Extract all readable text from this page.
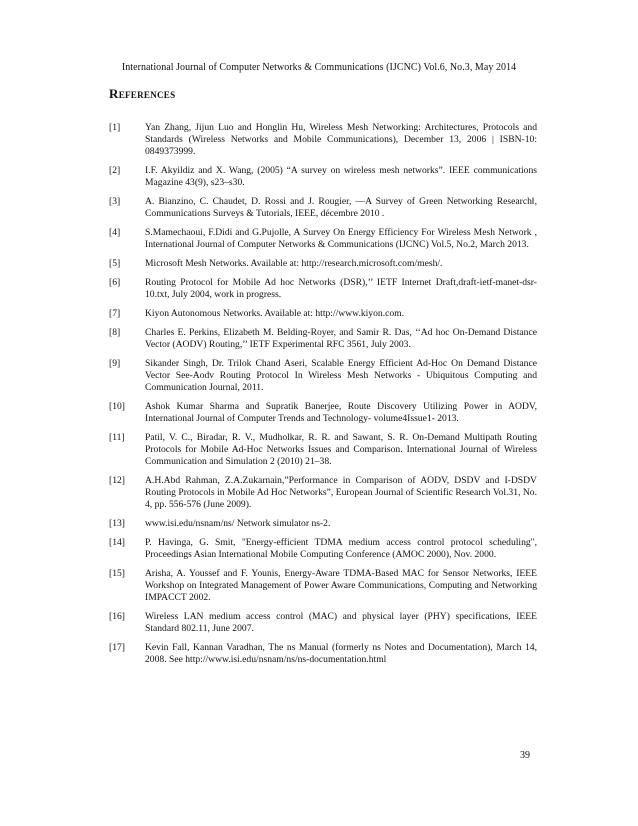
International Journal of Computer Networks & Communications (IJCNC) Vol.6, No.3, May 2014
References
[1]	Yan Zhang, Jijun Luo and Honglin Hu, Wireless Mesh Networking: Architectures, Protocols and Standards (Wireless Networks and Mobile Communications), December 13, 2006 | ISBN-10: 0849373999.
[2]	I.F. Akyildiz and X. Wang, (2005) “A survey on wireless mesh networks”. IEEE communications Magazine 43(9), s23–s30.
[3]	A. Bianzino, C. Chaudet, D. Rossi and J. Rougier, ―A Survey of Green Networking Research‖, Communications Surveys & Tutorials, IEEE, décembre 2010 .
[4]	S.Mamechaoui, F.Didi and G.Pujolle, A Survey On Energy Efficiency For Wireless Mesh Network , International Journal of Computer Networks & Communications (IJCNC) Vol.5, No.2, March 2013.
[5]	Microsoft Mesh Networks. Available at: http://research.microsoft.com/mesh/.
[6]	Routing Protocol for Mobile Ad hoc Networks (DSR),’’ IETF Internet Draft,draft-ietf-manet-dsr-10.txt, July 2004, work in progress.
[7]	Kiyon Autonomous Networks. Available at: http://www.kiyon.com.
[8]	Charles E. Perkins, Elizabeth M. Belding-Royer, and Samir R. Das, ‘‘Ad hoc On-Demand Distance Vector (AODV) Routing,’’ IETF Experimental RFC 3561, July 2003.
[9]	Sikander Singh, Dr. Trilok Chand Aseri, Scalable Energy Efficient Ad-Hoc On Demand Distance Vector See-Aodv Routing Protocol In Wireless Mesh Networks - Ubiquitous Computing and Communication Journal, 2011.
[10] Ashok Kumar Sharma and Supratik Banerjee, Route Discovery Utilizing Power in AODV, International Journal of Computer Trends and Technology- volume4Issue1- 2013.
[11] Patil, V. C., Biradar, R. V., Mudholkar, R. R. and Sawant, S. R. On-Demand Multipath Routing Protocols for Mobile Ad-Hoc Networks Issues and Comparison. International Journal of Wireless Communication and Simulation 2 (2010) 21–38.
[12] A.H.Abd Rahman, Z.A.Zukarnain,”Performance in Comparison of AODV, DSDV and I-DSDV Routing Protocols in Mobile Ad Hoc Networks”, European Journal of Scientific Research Vol.31, No. 4, pp. 556-576 (June 2009).
[13] www.isi.edu/nsnam/ns/ Network simulator ns-2.
[14] P. Havinga, G. Smit, "Energy-efficient TDMA medium access control protocol scheduling", Proceedings Asian International Mobile Computing Conference (AMOC 2000), Nov. 2000.
[15] Arisha, A. Youssef and F. Younis, Energy-Aware TDMA-Based MAC for Sensor Networks, IEEE Workshop on Integrated Management of Power Aware Communications, Computing and Networking IMPACCT 2002.
[16] Wireless LAN medium access control (MAC) and physical layer (PHY) specifications, IEEE Standard 802.11, June 2007.
[17] Kevin Fall, Kannan Varadhan, The ns Manual (formerly ns Notes and Documentation), March 14, 2008. See http://www.isi.edu/nsnam/ns/ns-documentation.html
39
